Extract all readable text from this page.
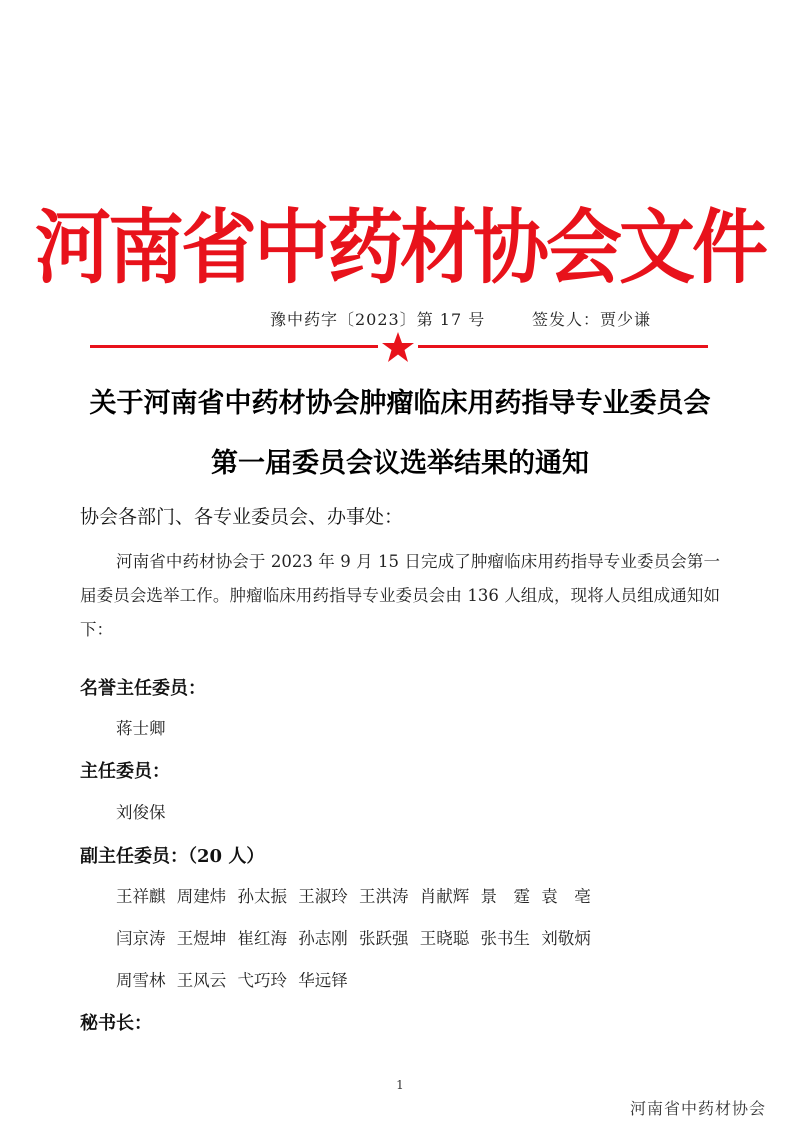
河南省中药材协会文件
豫中药字〔2023〕第 17 号	签发人：贾少谦
关于河南省中药材协会肿瘤临床用药指导专业委员会
第一届委员会议选举结果的通知
协会各部门、各专业委员会、办事处：
河南省中药材协会于 2023 年 9 月 15 日完成了肿瘤临床用药指导专业委员会第一届委员会选举工作。肿瘤临床用药指导专业委员会由 136 人组成，现将人员组成通知如下：
名誉主任委员：
蒋士卿
主任委员：
刘俊保
副主任委员：（20 人）
王祥麒 周建炜 孙太振 王淑玲 王洪涛 肖献辉 景　霆 袁　亳
闫京涛 王煜坤 崔红海 孙志刚 张跃强 王晓聪 张书生 刘敬炳
周雪林 王风云 弋巧玲 华远铎
秘书长：
1
河南省中药材协会
